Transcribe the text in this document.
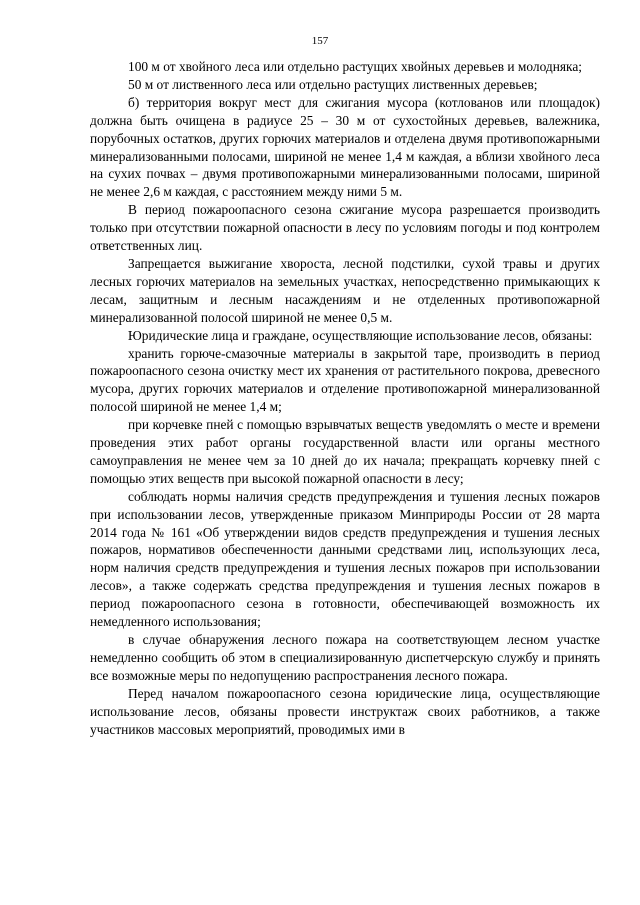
157

100 м от хвойного леса или отдельно растущих хвойных деревьев и молодняка;

50 м от лиственного леса или отдельно растущих лиственных деревьев;

б) территория вокруг мест для сжигания мусора (котлованов или площадок) должна быть очищена в радиусе 25 – 30 м от сухостойных деревьев, валежника, порубочных остатков, других горючих материалов и отделена двумя противопожарными минерализованными полосами, шириной не менее 1,4 м каждая, а вблизи хвойного леса на сухих почвах – двумя противопожарными минерализованными полосами, шириной не менее 2,6 м каждая, с расстоянием между ними 5 м.

В период пожароопасного сезона сжигание мусора разрешается производить только при отсутствии пожарной опасности в лесу по условиям погоды и под контролем ответственных лиц.

Запрещается выжигание хвороста, лесной подстилки, сухой травы и других лесных горючих материалов на земельных участках, непосредственно примыкающих к лесам, защитным и лесным насаждениям и не отделенных противопожарной минерализованной полосой шириной не менее 0,5 м.

Юридические лица и граждане, осуществляющие использование лесов, обязаны:

хранить горюче-смазочные материалы в закрытой таре, производить в период пожароопасного сезона очистку мест их хранения от растительного покрова, древесного мусора, других горючих материалов и отделение противопожарной минерализованной полосой шириной не менее 1,4 м;

при корчевке пней с помощью взрывчатых веществ уведомлять о месте и времени проведения этих работ органы государственной власти или органы местного самоуправления не менее чем за 10 дней до их начала; прекращать корчевку пней с помощью этих веществ при высокой пожарной опасности в лесу;

соблюдать нормы наличия средств предупреждения и тушения лесных пожаров при использовании лесов, утвержденные приказом Минприроды России от 28 марта 2014 года № 161 «Об утверждении видов средств предупреждения и тушения лесных пожаров, нормативов обеспеченности данными средствами лиц, использующих леса, норм наличия средств предупреждения и тушения лесных пожаров при использовании лесов», а также содержать средства предупреждения и тушения лесных пожаров в период пожароопасного сезона в готовности, обеспечивающей возможность их немедленного использования;

в случае обнаружения лесного пожара на соответствующем лесном участке немедленно сообщить об этом в специализированную диспетчерскую службу и принять все возможные меры по недопущению распространения лесного пожара.

Перед началом пожароопасного сезона юридические лица, осуществляющие использование лесов, обязаны провести инструктаж своих работников, а также участников массовых мероприятий, проводимых ими в
